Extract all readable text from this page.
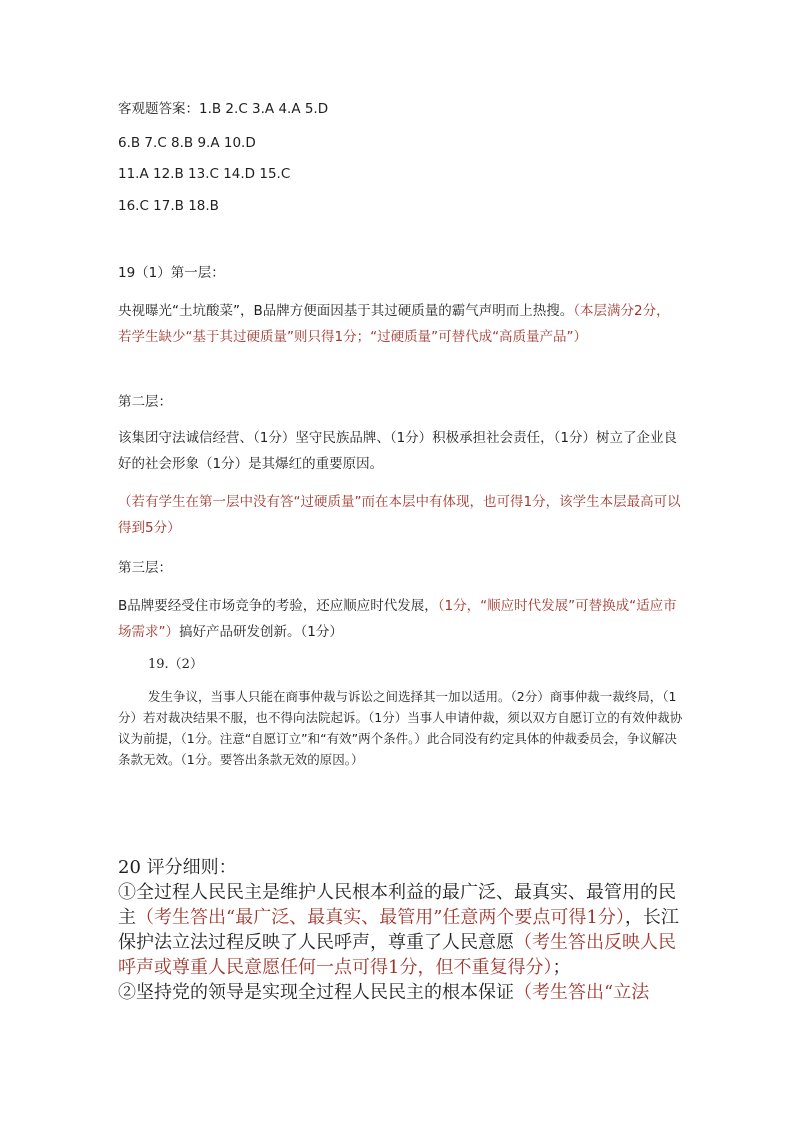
客观题答案：1.B 2.C 3.A 4.A 5.D
6.B 7.C 8.B 9.A 10.D
11.A 12.B 13.C 14.D 15.C
16.C 17.B 18.B
19（1）第一层：
央视曝光“土坑酸菜”，B品牌方便面因基于其过硬质量的霸气声明而上热搜。（本层满分2分，若学生缺少“基于其过硬质量”则只得1分；“过硬质量”可替代成“高质量产品”）
第二层：
该集团守法诚信经营、（1分）坚守民族品牌、（1分）积极承担社会责任，（1分）树立了企业良好的社会形象（1分）是其爆红的重要原因。
（若有学生在第一层中没有答“过硬质量”而在本层中有体现，也可得1分，该学生本层最高可以得到5分）
第三层：
B品牌要经受住市场竞争的考验，还应顺应时代发展，（1分，“顺应时代发展”可替换成“适应市场需求”）搞好产品研发创新。（1分）
19.（2）
发生争议，当事人只能在商事仲裁与诉讼之间选择其一加以适用。（2分）商事仲裁一裁终局，（1分）若对裁决结果不服，也不得向法院起诉。（1分）当事人申请仲裁，须以双方自愿订立的有效仲裁协议为前提，（1分。注意“自愿订立”和“有效”两个条件。）此合同没有约定具体的仲裁委员会，争议解决条款无效。（1分。要答出条款无效的原因。）
20 评分细则：
①全过程人民民主是维护人民根本利益的最广泛、最真实、最管用的民主（考生答出“最广泛、最真实、最管用”任意两个要点可得1分），长江保护法立法过程反映了人民呼声，尊重了人民意愿（考生答出反映人民呼声或尊重人民意愿任何一点可得1分，但不重复得分）；
②坚持党的领导是实现全过程人民民主的根本保证（考生答出“立法
